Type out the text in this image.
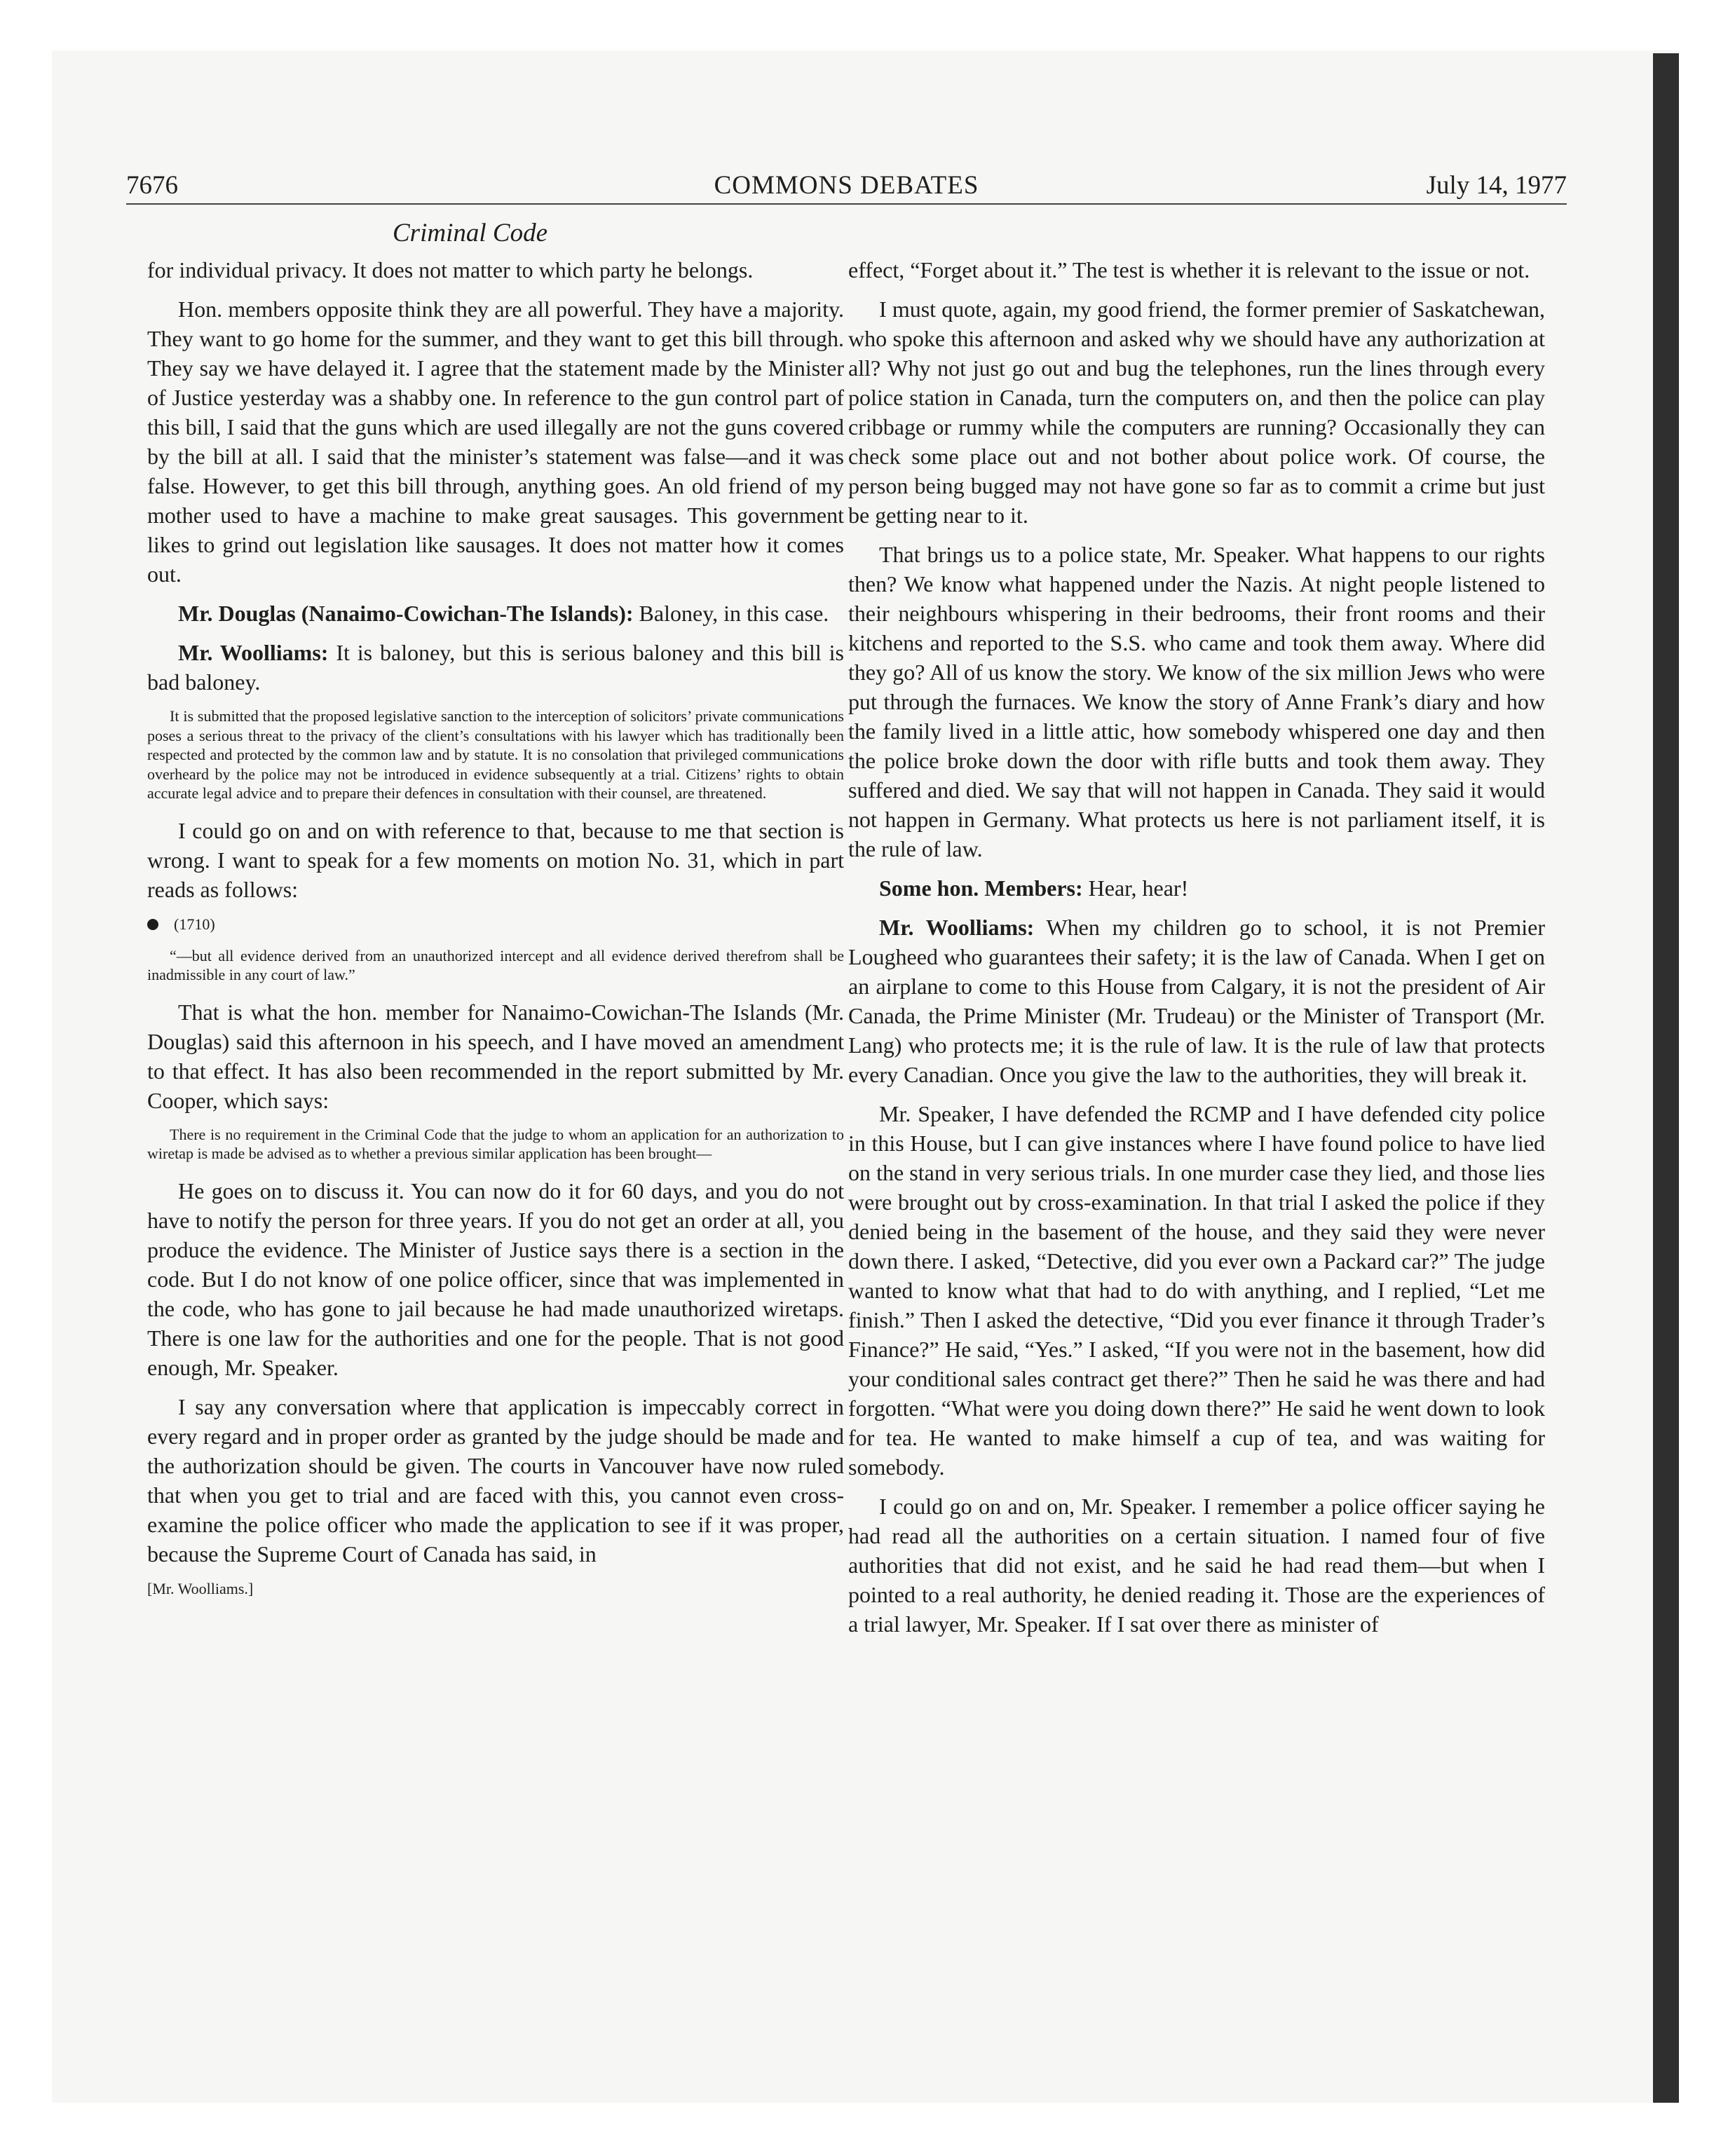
COMMONS DEBATES
7676	July 14, 1977
Criminal Code

for individual privacy. It does not matter to which party he belongs.

Hon. members opposite think they are all powerful. They have a majority. They want to go home for the summer, and they want to get this bill through. They say we have delayed it. I agree that the statement made by the Minister of Justice yesterday was a shabby one. In reference to the gun control part of this bill, I said that the guns which are used illegally are not the guns covered by the bill at all. I said that the minister’s statement was false—and it was false. However, to get this bill through, anything goes. An old friend of my mother used to have a machine to make great sausages. This government likes to grind out legislation like sausages. It does not matter how it comes out.

Mr. Douglas (Nanaimo-Cowichan-The Islands): Baloney, in this case.

Mr. Woolliams: It is baloney, but this is serious baloney and this bill is bad baloney.

It is submitted that the proposed legislative sanction to the interception of solicitors’ private communications poses a serious threat to the privacy of the client’s consultations with his lawyer which has traditionally been respected and protected by the common law and by statute. It is no consolation that privileged communications overheard by the police may not be introduced in evidence subsequently at a trial. Citizens’ rights to obtain accurate legal advice and to prepare their defences in consultation with their counsel, are threatened.

I could go on and on with reference to that, because to me that section is wrong. I want to speak for a few moments on motion No. 31, which in part reads as follows:

(1710)

“—but all evidence derived from an unauthorized intercept and all evidence derived therefrom shall be inadmissible in any court of law.”

That is what the hon. member for Nanaimo-Cowichan-The Islands (Mr. Douglas) said this afternoon in his speech, and I have moved an amendment to that effect. It has also been recommended in the report submitted by Mr. Cooper, which says:

There is no requirement in the Criminal Code that the judge to whom an application for an authorization to wiretap is made be advised as to whether a previous similar application has been brought—

He goes on to discuss it. You can now do it for 60 days, and you do not have to notify the person for three years. If you do not get an order at all, you produce the evidence. The Minister of Justice says there is a section in the code. But I do not know of one police officer, since that was implemented in the code, who has gone to jail because he had made unauthorized wiretaps. There is one law for the authorities and one for the people. That is not good enough, Mr. Speaker.

I say any conversation where that application is impeccably correct in every regard and in proper order as granted by the judge should be made and the authorization should be given. The courts in Vancouver have now ruled that when you get to trial and are faced with this, you cannot even cross-examine the police officer who made the application to see if it was proper, because the Supreme Court of Canada has said, in

[Mr. Woolliams.]

effect, “Forget about it.” The test is whether it is relevant to the issue or not.

I must quote, again, my good friend, the former premier of Saskatchewan, who spoke this afternoon and asked why we should have any authorization at all? Why not just go out and bug the telephones, run the lines through every police station in Canada, turn the computers on, and then the police can play cribbage or rummy while the computers are running? Occasionally they can check some place out and not bother about police work. Of course, the person being bugged may not have gone so far as to commit a crime but just be getting near to it.

That brings us to a police state, Mr. Speaker. What happens to our rights then? We know what happened under the Nazis. At night people listened to their neighbours whispering in their bedrooms, their front rooms and their kitchens and reported to the S.S. who came and took them away. Where did they go? All of us know the story. We know of the six million Jews who were put through the furnaces. We know the story of Anne Frank’s diary and how the family lived in a little attic, how somebody whispered one day and then the police broke down the door with rifle butts and took them away. They suffered and died. We say that will not happen in Canada. They said it would not happen in Germany. What protects us here is not parliament itself, it is the rule of law.

Some hon. Members: Hear, hear!

Mr. Woolliams: When my children go to school, it is not Premier Lougheed who guarantees their safety; it is the law of Canada. When I get on an airplane to come to this House from Calgary, it is not the president of Air Canada, the Prime Minister (Mr. Trudeau) or the Minister of Transport (Mr. Lang) who protects me; it is the rule of law. It is the rule of law that protects every Canadian. Once you give the law to the authorities, they will break it.

Mr. Speaker, I have defended the RCMP and I have defended city police in this House, but I can give instances where I have found police to have lied on the stand in very serious trials. In one murder case they lied, and those lies were brought out by cross-examination. In that trial I asked the police if they denied being in the basement of the house, and they said they were never down there. I asked, “Detective, did you ever own a Packard car?” The judge wanted to know what that had to do with anything, and I replied, “Let me finish.” Then I asked the detective, “Did you ever finance it through Trader’s Finance?” He said, “Yes.” I asked, “If you were not in the basement, how did your conditional sales contract get there?” Then he said he was there and had forgotten. “What were you doing down there?” He said he went down to look for tea. He wanted to make himself a cup of tea, and was waiting for somebody.

I could go on and on, Mr. Speaker. I remember a police officer saying he had read all the authorities on a certain situation. I named four of five authorities that did not exist, and he said he had read them—but when I pointed to a real authority, he denied reading it. Those are the experiences of a trial lawyer, Mr. Speaker. If I sat over there as minister of
